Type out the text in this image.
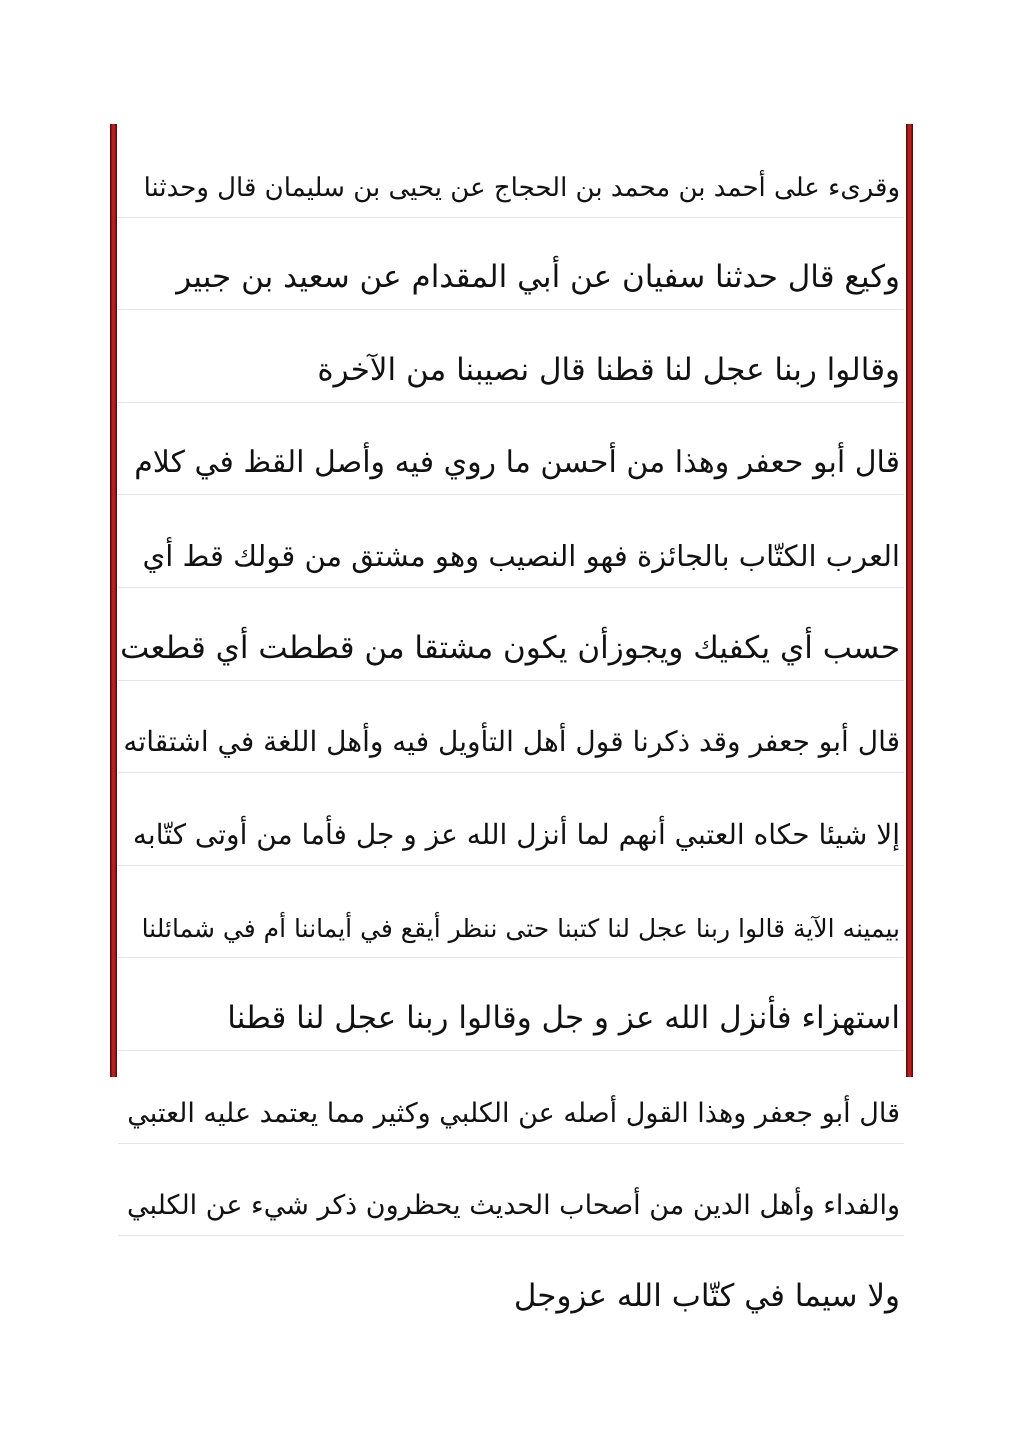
وقرىء على أحمد بن محمد بن الحجاج عن يحيى بن سليمان قال وحدثنا
وكيع قال حدثنا سفيان عن أبي المقدام عن سعيد بن جبير
وقالوا ربنا عجل لنا قطنا قال نصيبنا من الآخرة
قال أبو حعفر وهذا من أحسن ما روي فيه وأصل القظ في كلام
العرب الكتّاب بالجائزة فهو النصيب وهو مشتق من قولك قط أي
حسب أي يكفيك ويجوزأن يكون مشتقا من قططت أي قطعت
قال أبو جعفر وقد ذكرنا قول أهل التأويل فيه وأهل اللغة في اشتقاته
إلا شيئا حكاه العتبي أنهم لما أنزل الله عز و جل فأما من أوتى كتّابه
بيمينه الآية قالوا ربنا عجل لنا كتبنا حتى ننظر أيقع في أيماننا أم في شمائلنا
استهزاء فأنزل الله عز و جل وقالوا ربنا عجل لنا قطنا
قال أبو جعفر وهذا القول أصله عن الكلبي وكثير مما يعتمد عليه العتبي
والفداء وأهل الدين من أصحاب الحديث يحظرون ذكر شيء عن الكلبي
ولا سيما في كتّاب الله عزوجل
